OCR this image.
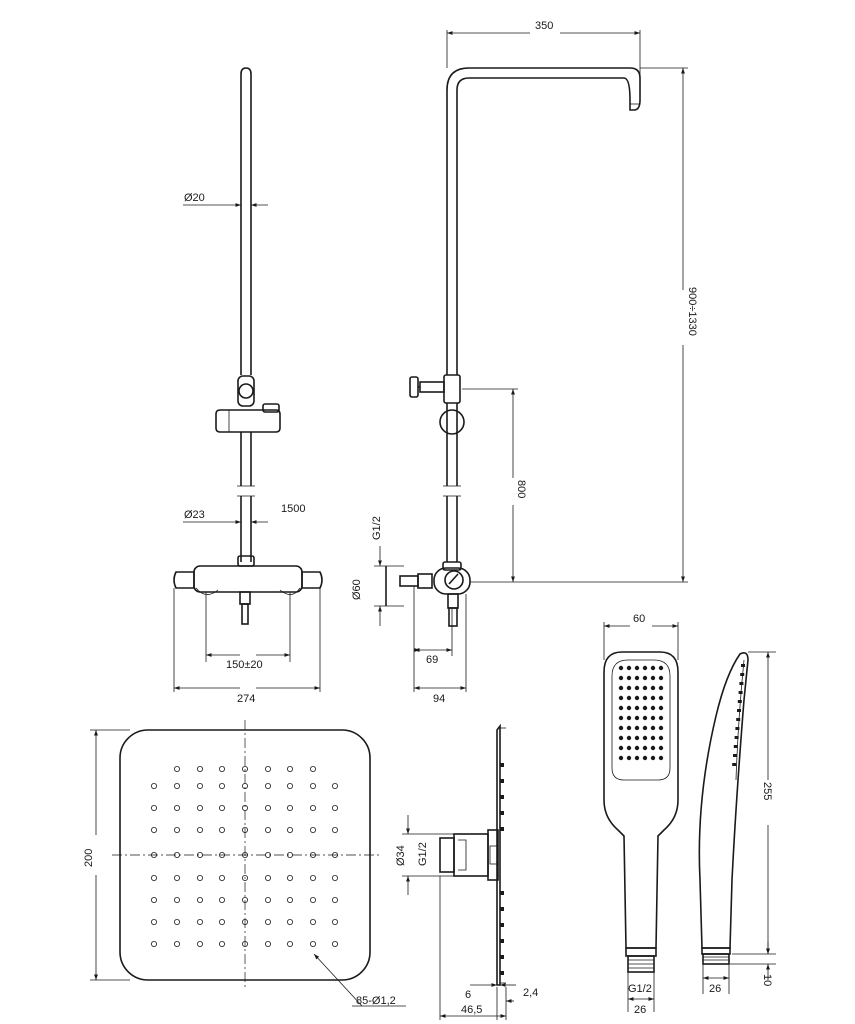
Ø20
Ø23	1500
150±20
274
350
900÷1330
800
G1/2
Ø60
69
94
200
85-Ø1,2
Ø34 G1/2
6	2,4
46,5
60
G1/2
26
255
10
26
